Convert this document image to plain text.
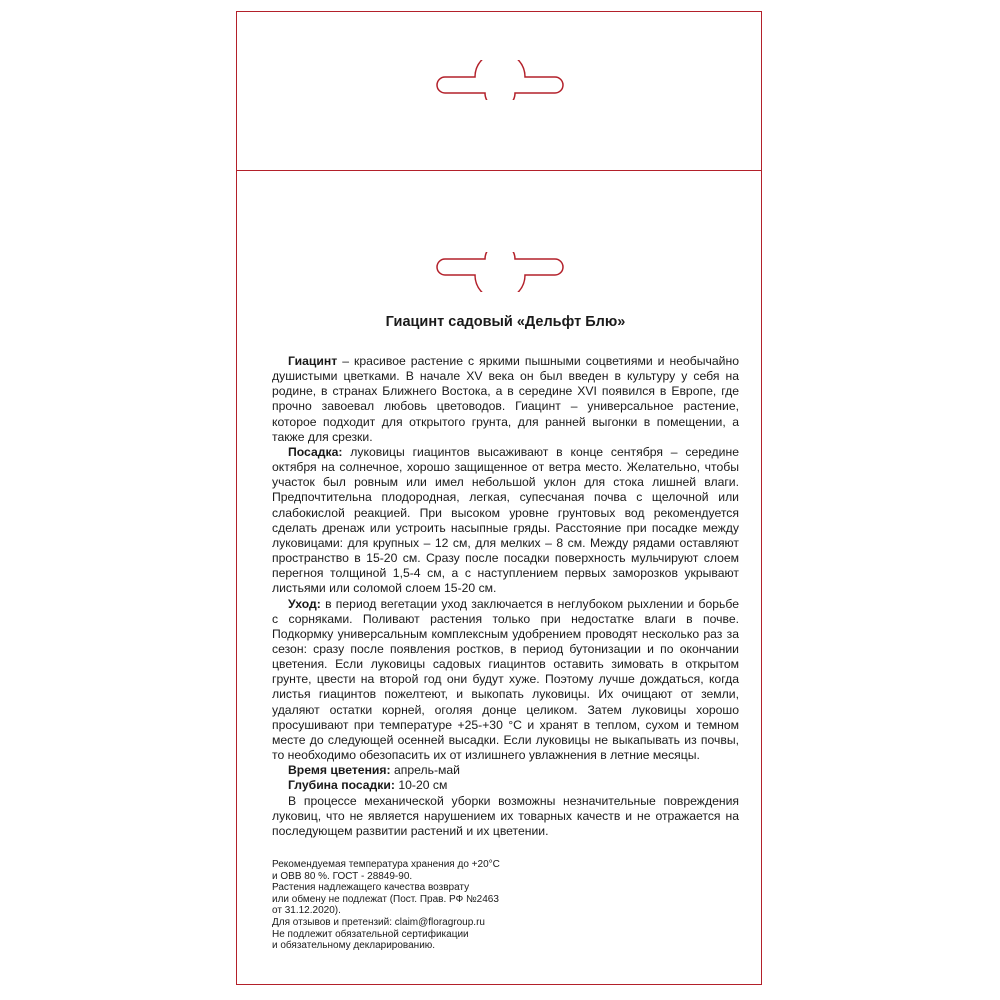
Гиацинт садовый «Дельфт Блю»

Гиацинт – красивое растение с яркими пышными соцветиями и необычайно душистыми цветками. В начале XV века он был введен в культуру у себя на родине, в странах Ближнего Востока, а в середине XVI появился в Европе, где прочно завоевал любовь цветоводов. Гиацинт – универсальное растение, которое подходит для открытого грунта, для ранней выгонки в помещении, а также для срезки.

Посадка: луковицы гиацинтов высаживают в конце сентября – середине октября на солнечное, хорошо защищенное от ветра место. Желательно, чтобы участок был ровным или имел небольшой уклон для стока лишней влаги. Предпочтительна плодородная, легкая, супесчаная почва с щелочной или слабокислой реакцией. При высоком уровне грунтовых вод рекомендуется сделать дренаж или устроить насыпные гряды. Расстояние при посадке между луковицами: для крупных – 12 см, для мелких – 8 см. Между рядами оставляют пространство в 15-20 см. Сразу после посадки поверхность мульчируют слоем перегноя толщиной 1,5-4 см, а с наступлением первых заморозков укрывают листьями или соломой слоем 15-20 см.

Уход: в период вегетации уход заключается в неглубоком рыхлении и борьбе с сорняками. Поливают растения только при недостатке влаги в почве. Подкормку универсальным комплексным удобрением проводят несколько раз за сезон: сразу после появления ростков, в период бутонизации и по окончании цветения. Если луковицы садовых гиацинтов оставить зимовать в открытом грунте, цвести на второй год они будут хуже. Поэтому лучше дождаться, когда листья гиацинтов пожелтеют, и выкопать луковицы. Их очищают от земли, удаляют остатки корней, оголяя донце целиком. Затем луковицы хорошо просушивают при температуре +25-+30 °C и хранят в теплом, сухом и темном месте до следующей осенней высадки. Если луковицы не выкапывать из почвы, то необходимо обезопасить их от излишнего увлажнения в летние месяцы.

Время цветения: апрель-май

Глубина посадки: 10-20 см

В процессе механической уборки возможны незначительные повреждения луковиц, что не является нарушением их товарных качеств и не отражается на последующем развитии растений и их цветении.

Рекомендуемая температура хранения до +20°C
и ОВВ 80 %. ГОСТ - 28849-90.
Растения надлежащего качества возврату
или обмену не подлежат (Пост. Прав. РФ №2463
от 31.12.2020).
Для отзывов и претензий: claim@floragroup.ru
Не подлежит обязательной сертификации
и обязательному декларированию.
